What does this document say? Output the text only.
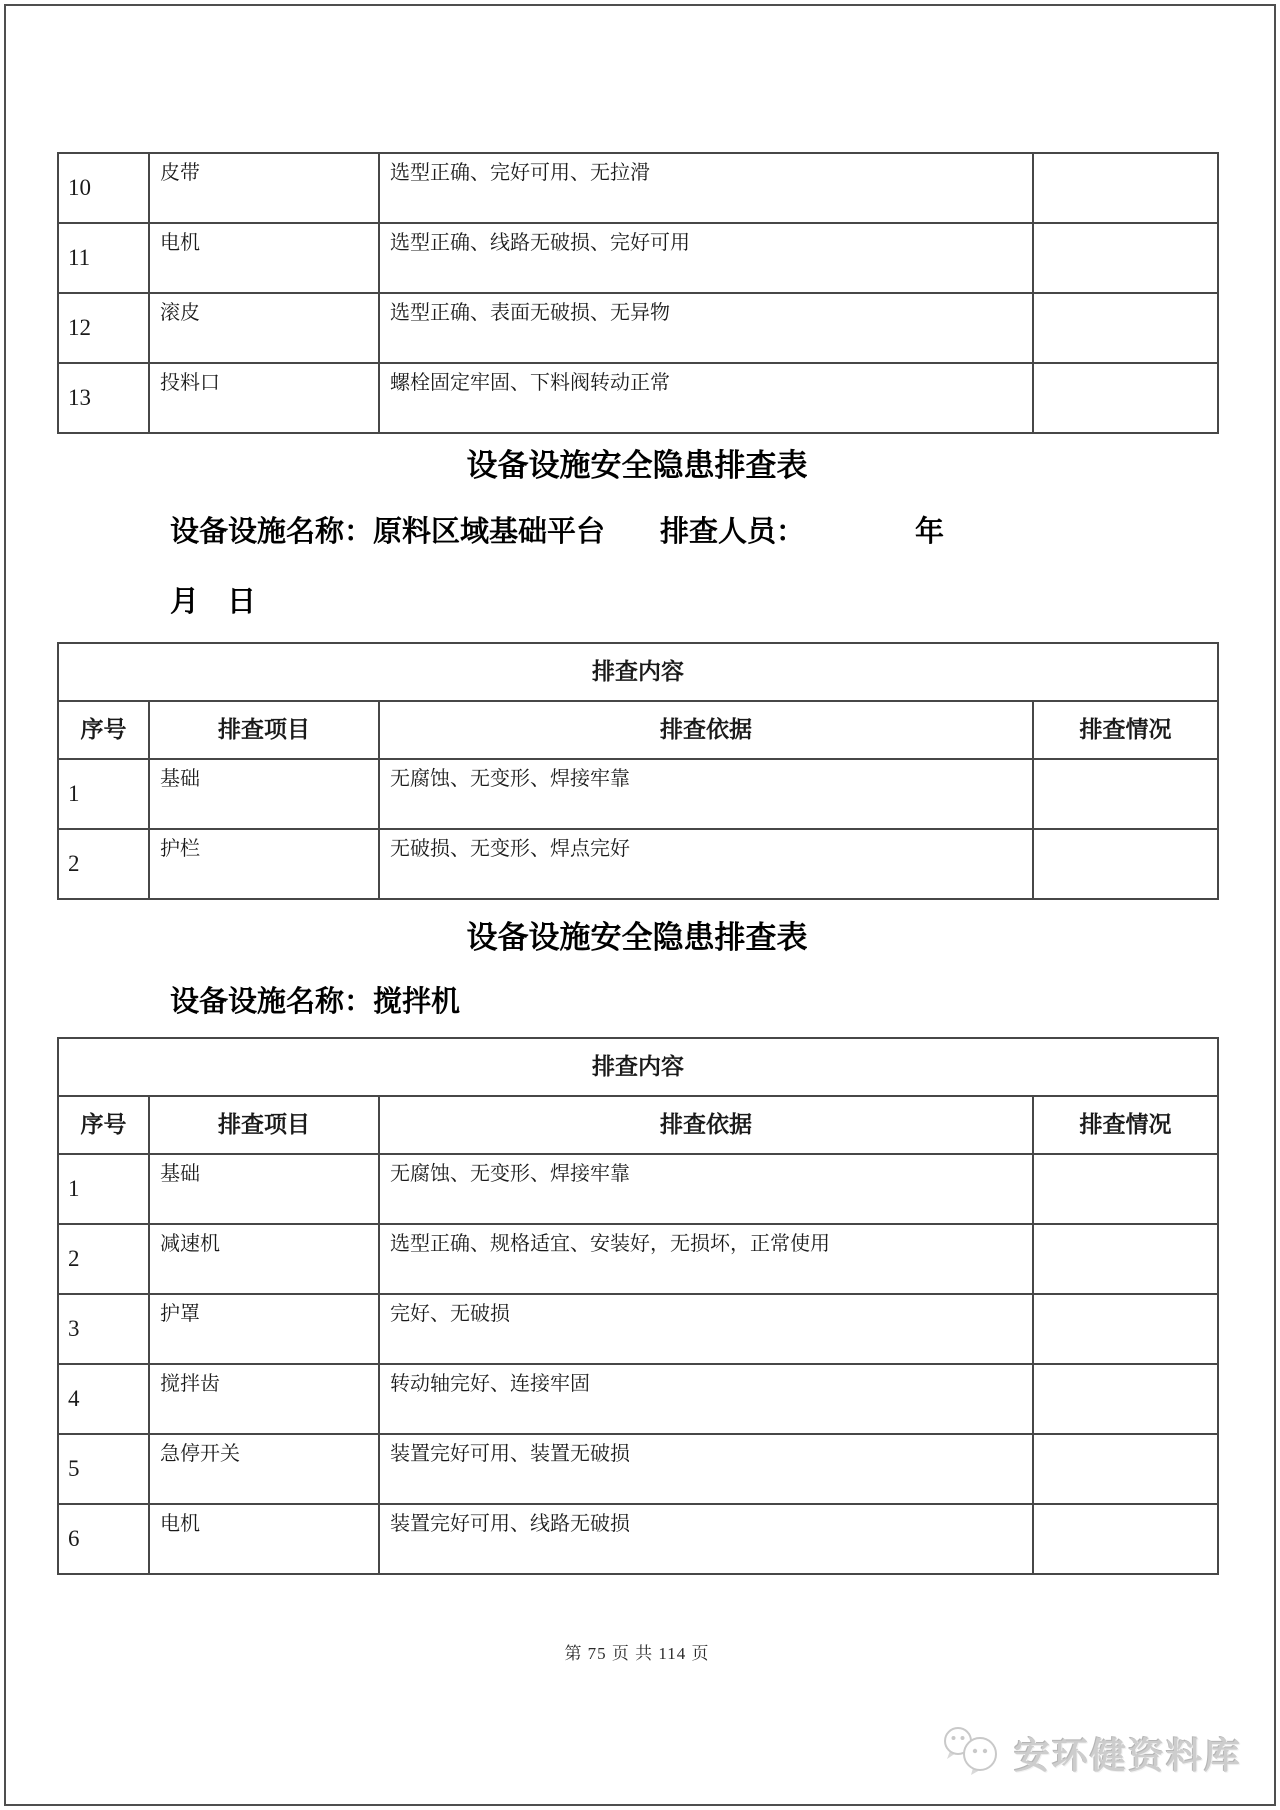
10	皮带	选型正确、完好可用、无拉滑	
11	电机	选型正确、线路无破损、完好可用	
12	滚皮	选型正确、表面无破损、无异物	
13	投料口	螺栓固定牢固、下料阀转动正常	
设备设施安全隐患排查表
设备设施名称：原料区域基础平台 排查人员：	年
月 日
排查内容			
序号	排查项目	排查依据	排查情况
1	基础	无腐蚀、无变形、焊接牢靠	
2	护栏	无破损、无变形、焊点完好	
设备设施安全隐患排查表
设备设施名称：搅拌机
排查内容			
序号	排查项目	排查依据	排查情况
1	基础	无腐蚀、无变形、焊接牢靠	
2	减速机	选型正确、规格适宜、安装好，无损坏，正常使用	
3	护罩	完好、无破损	
4	搅拌齿	转动轴完好、连接牢固	
5	急停开关	装置完好可用、装置无破损	
6	电机	装置完好可用、线路无破损	
第 75 页 共 114 页
安环健资料库
